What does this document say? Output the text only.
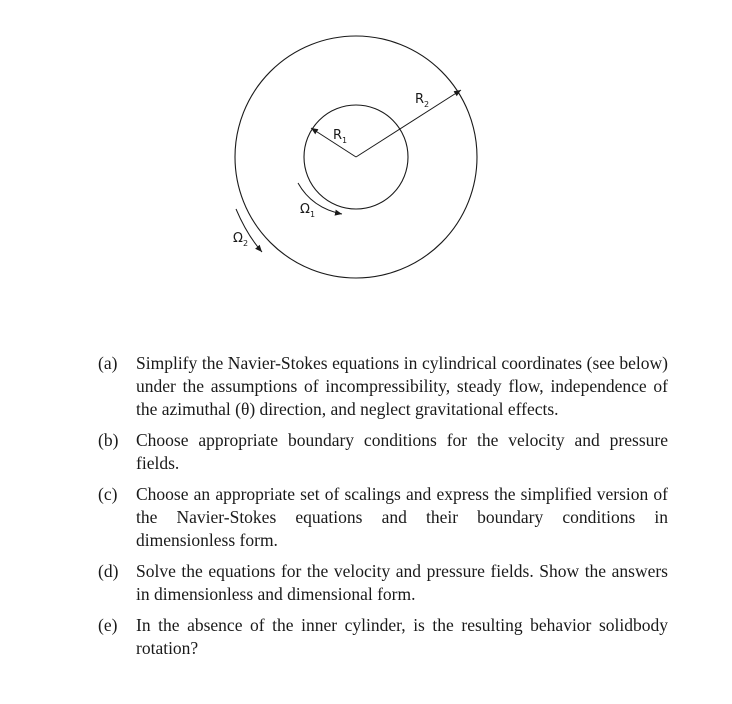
$R_1$
$R_2$
$\Omega_1$
$\Omega_2$
(a)	Simplify the Navier-Stokes equations in cylindrical coordinates (see below) under the assumptions of incompressibility, steady flow, independence of the azimuthal (θ) direction, and neglect gravitational effects.
(b)	Choose appropriate boundary conditions for the velocity and pressure fields.
(c)	Choose an appropriate set of scalings and express the simplified version of the Navier-Stokes equations and their boundary conditions in dimensionless form.
(d)	Solve the equations for the velocity and pressure fields. Show the answers in dimensionless and dimensional form.
(e)	In the absence of the inner cylinder, is the resulting behavior solidbody rotation?
